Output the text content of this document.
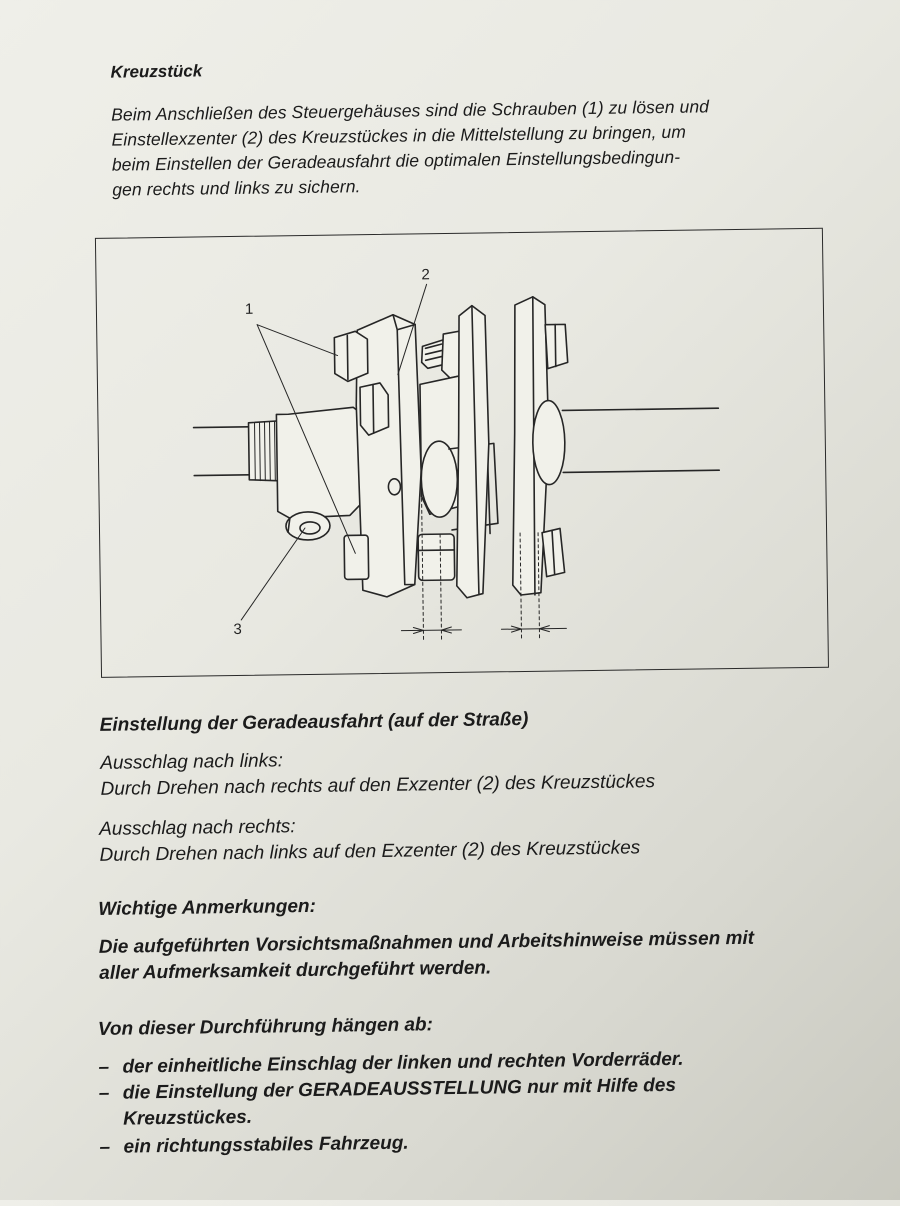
Kreuzstück
Beim Anschließen des Steuergehäuses sind die Schrauben (1) zu lösen und
Einstellexzenter (2) des Kreuzstückes in die Mittelstellung zu bringen, um
beim Einstellen der Geradeausfahrt die optimalen Einstellungsbedingun-
gen rechts und links zu sichern.
1
2
3
Einstellung der Geradeausfahrt (auf der Straße)
Ausschlag nach links:
Durch Drehen nach rechts auf den Exzenter (2) des Kreuzstückes
Ausschlag nach rechts:
Durch Drehen nach links auf den Exzenter (2) des Kreuzstückes
Wichtige Anmerkungen:
Die aufgeführten Vorsichtsmaßnahmen und Arbeitshinweise müssen mit
aller Aufmerksamkeit durchgeführt werden.
Von dieser Durchführung hängen ab:
– der einheitliche Einschlag der linken und rechten Vorderräder.
– die Einstellung der GERADEAUSSTELLUNG nur mit Hilfe des
Kreuzstückes.
– ein richtungsstabiles Fahrzeug.
